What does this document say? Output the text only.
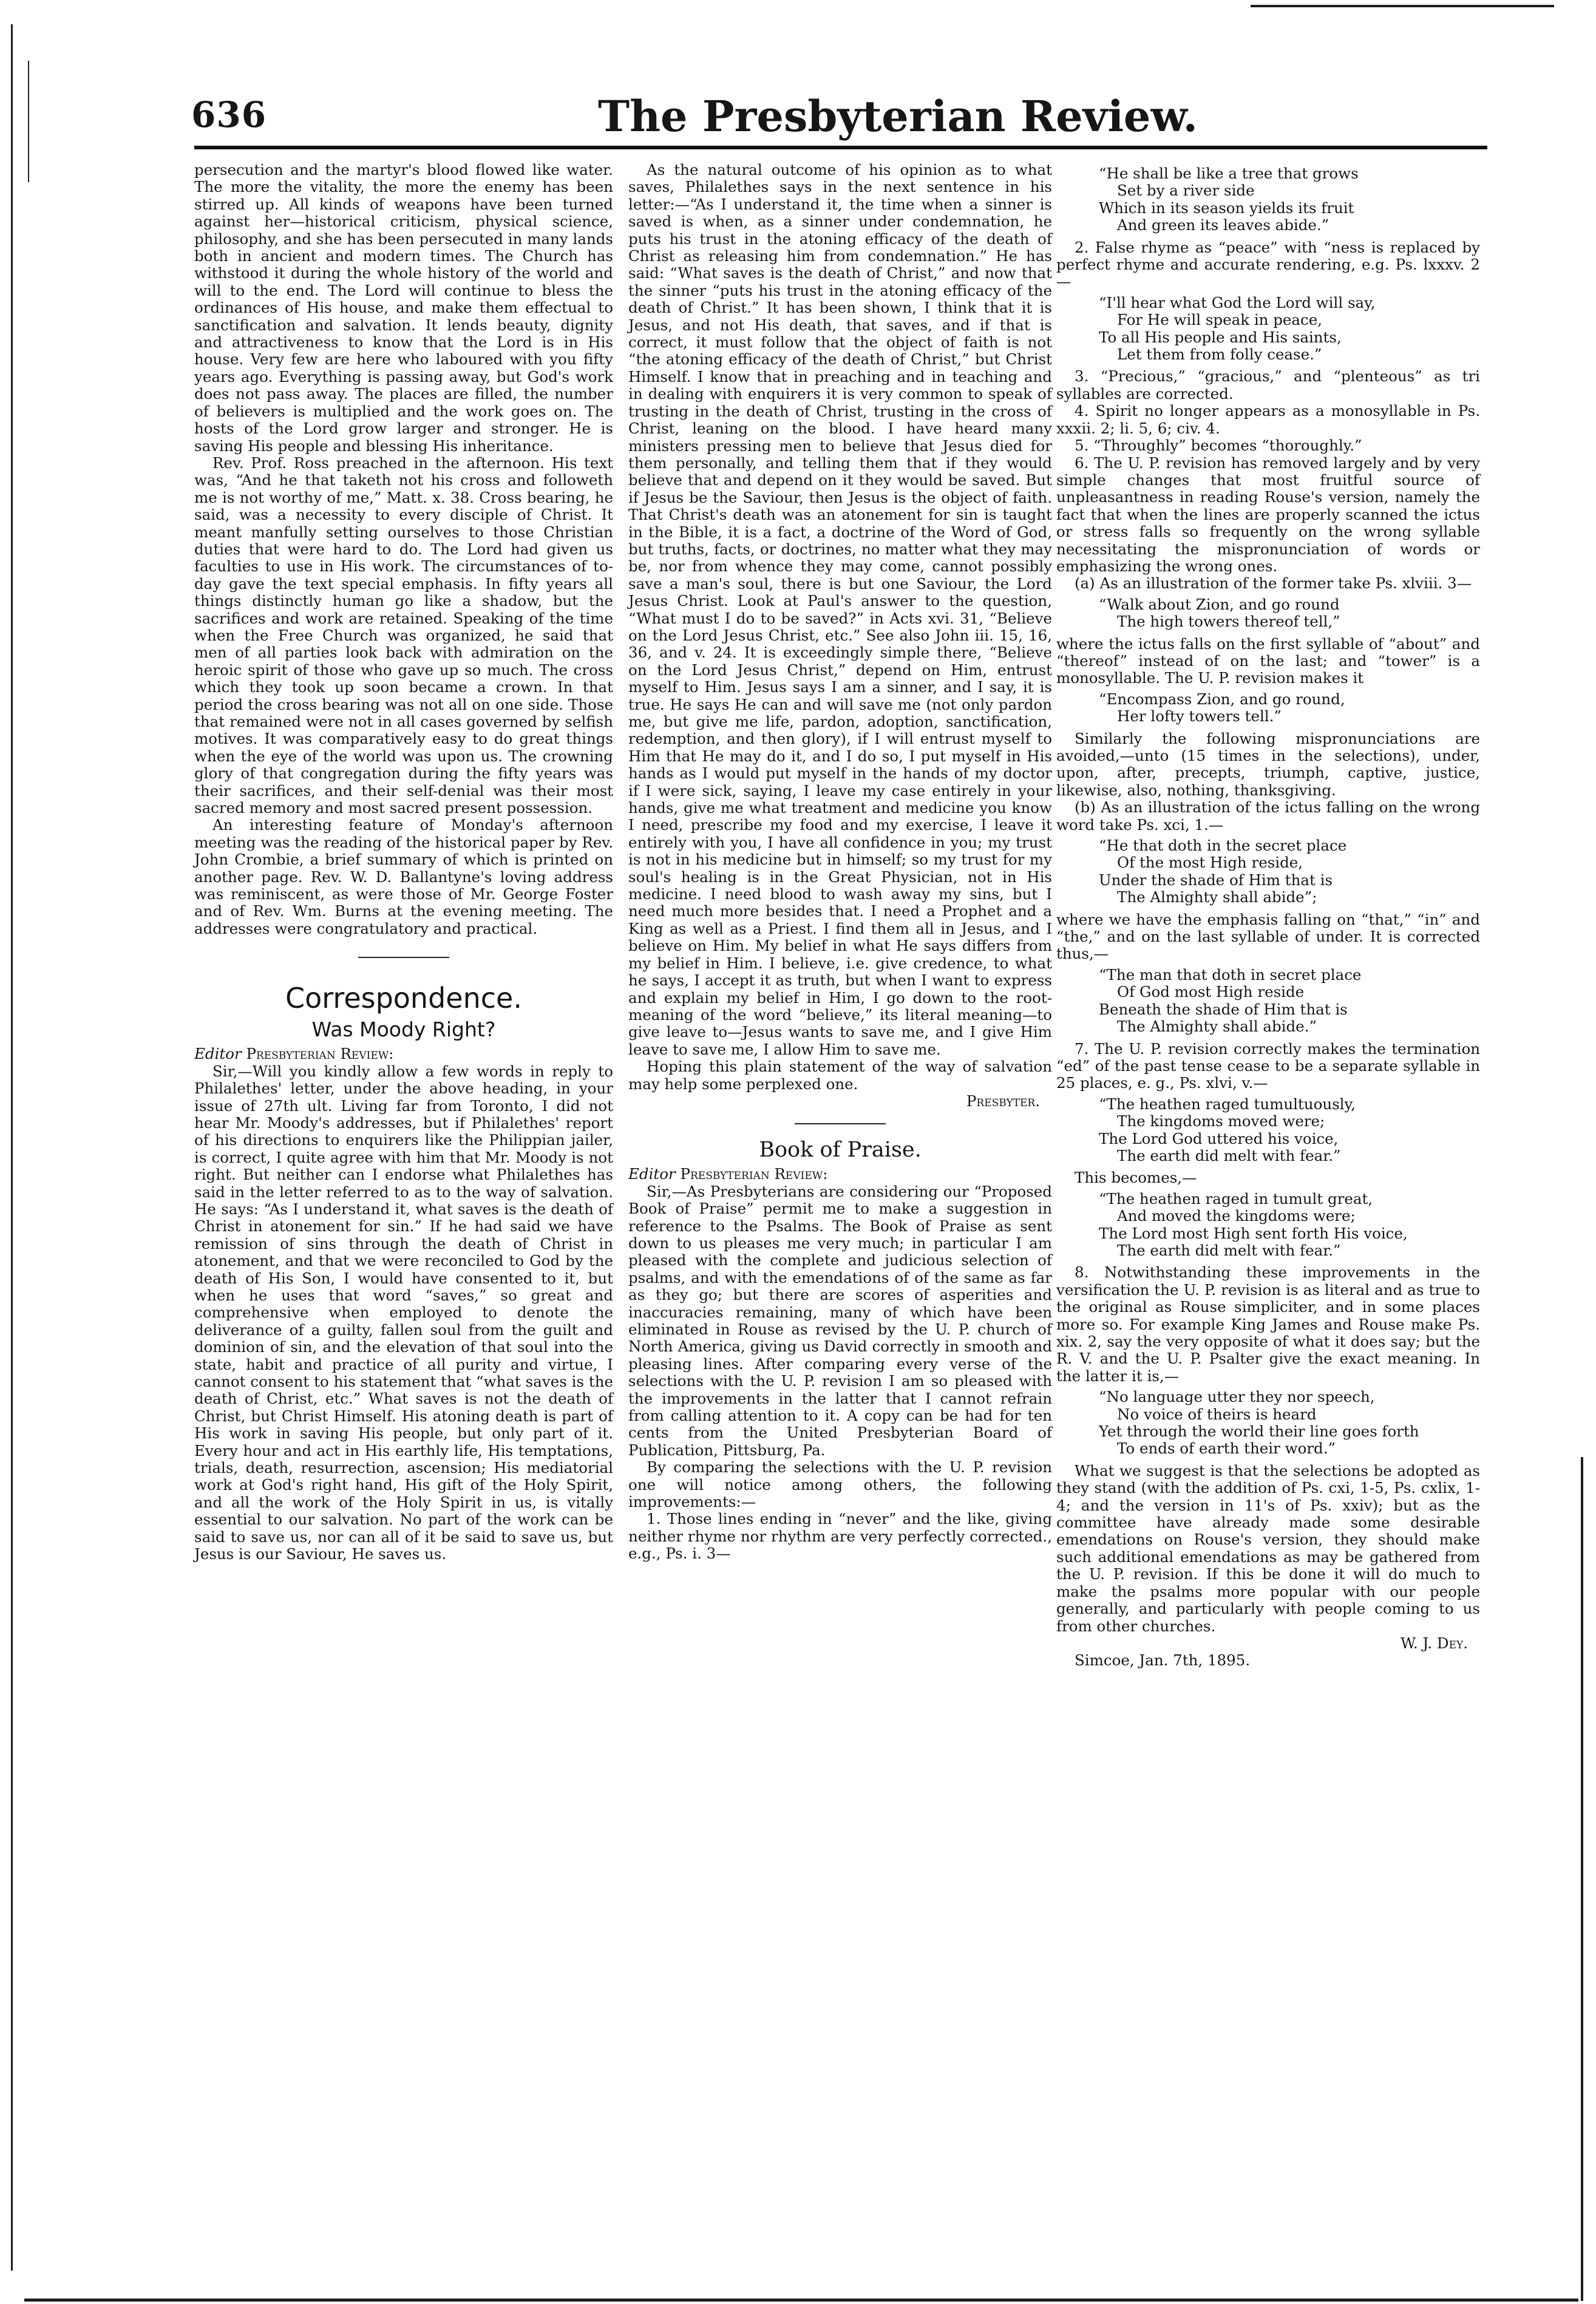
636	The Presbyterian Review.

persecution and the martyr's blood flowed like water. The more the vitality, the more the enemy has been stirred up. All kinds of weapons have been turned against her—historical criticism, physical science, philosophy, and she has been persecuted in many lands both in ancient and modern times. The Church has withstood it during the whole history of the world and will to the end. The Lord will continue to bless the ordinances of His house, and make them effectual to sanctification and salvation. It lends beauty, dignity and attractiveness to know that the Lord is in His house. Very few are here who laboured with you fifty years ago. Everything is passing away, but God's work does not pass away. The places are filled, the number of believers is multiplied and the work goes on. The hosts of the Lord grow larger and stronger. He is saving His people and blessing His inheritance.

Rev. Prof. Ross preached in the afternoon. His text was, “And he that taketh not his cross and followeth me is not worthy of me,” Matt. x. 38. Cross bearing, he said, was a necessity to every disciple of Christ. It meant manfully setting ourselves to those Christian duties that were hard to do. The Lord had given us faculties to use in His work. The circumstances of to-day gave the text special emphasis. In fifty years all things distinctly human go like a shadow, but the sacrifices and work are retained. Speaking of the time when the Free Church was organized, he said that men of all parties look back with admiration on the heroic spirit of those who gave up so much. The cross which they took up soon became a crown. In that period the cross bearing was not all on one side. Those that remained were not in all cases governed by selfish motives. It was comparatively easy to do great things when the eye of the world was upon us. The crowning glory of that congregation during the fifty years was their sacrifices, and their self-denial was their most sacred memory and most sacred present possession.

An interesting feature of Monday's afternoon meeting was the reading of the historical paper by Rev. John Crombie, a brief summary of which is printed on another page. Rev. W. D. Ballantyne's loving address was reminiscent, as were those of Mr. George Foster and of Rev. Wm. Burns at the evening meeting. The addresses were congratulatory and practical.

Correspondence.
Was Moody Right?
Editor Presbyterian Review:

Sir,—Will you kindly allow a few words in reply to Philalethes' letter, under the above heading, in your issue of 27th ult. Living far from Toronto, I did not hear Mr. Moody's addresses, but if Philalethes' report of his directions to enquirers like the Philippian jailer, is correct, I quite agree with him that Mr. Moody is not right. But neither can I endorse what Philalethes has said in the letter referred to as to the way of salvation. He says: “As I understand it, what saves is the death of Christ in atonement for sin.” If he had said we have remission of sins through the death of Christ in atonement, and that we were reconciled to God by the death of His Son, I would have consented to it, but when he uses that word “saves,” so great and comprehensive when employed to denote the deliverance of a guilty, fallen soul from the guilt and dominion of sin, and the elevation of that soul into the state, habit and practice of all purity and virtue, I cannot consent to his statement that “what saves is the death of Christ, etc.” What saves is not the death of Christ, but Christ Himself. His atoning death is part of His work in saving His people, but only part of it. Every hour and act in His earthly life, His temptations, trials, death, resurrection, ascension; His mediatorial work at God's right hand, His gift of the Holy Spirit, and all the work of the Holy Spirit in us, is vitally essential to our salvation. No part of the work can be said to save us, nor can all of it be said to save us, but Jesus is our Saviour, He saves us.

As the natural outcome of his opinion as to what saves, Philalethes says in the next sentence in his letter:—“As I understand it, the time when a sinner is saved is when, as a sinner under condemnation, he puts his trust in the atoning efficacy of the death of Christ as releasing him from condemnation.” He has said: “What saves is the death of Christ,” and now that the sinner “puts his trust in the atoning efficacy of the death of Christ.” It has been shown, I think that it is Jesus, and not His death, that saves, and if that is correct, it must follow that the object of faith is not “the atoning efficacy of the death of Christ,” but Christ Himself. I know that in preaching and in teaching and in dealing with enquirers it is very common to speak of trusting in the death of Christ, trusting in the cross of Christ, leaning on the blood. I have heard many ministers pressing men to believe that Jesus died for them personally, and telling them that if they would believe that and depend on it they would be saved. But if Jesus be the Saviour, then Jesus is the object of faith. That Christ's death was an atonement for sin is taught in the Bible, it is a fact, a doctrine of the Word of God, but truths, facts, or doctrines, no matter what they may be, nor from whence they may come, cannot possibly save a man's soul, there is but one Saviour, the Lord Jesus Christ. Look at Paul's answer to the question, “What must I do to be saved?” in Acts xvi. 31, “Believe on the Lord Jesus Christ, etc.” See also John iii. 15, 16, 36, and v. 24. It is exceedingly simple there, “Believe on the Lord Jesus Christ,” depend on Him, entrust myself to Him. Jesus says I am a sinner, and I say, it is true. He says He can and will save me (not only pardon me, but give me life, pardon, adoption, sanctification, redemption, and then glory), if I will entrust myself to Him that He may do it, and I do so, I put myself in His hands as I would put myself in the hands of my doctor if I were sick, saying, I leave my case entirely in your hands, give me what treatment and medicine you know I need, prescribe my food and my exercise, I leave it entirely with you, I have all confidence in you; my trust is not in his medicine but in himself; so my trust for my soul's healing is in the Great Physician, not in His medicine. I need blood to wash away my sins, but I need much more besides that. I need a Prophet and a King as well as a Priest. I find them all in Jesus, and I believe on Him. My belief in what He says differs from my belief in Him. I believe, i.e. give credence, to what he says, I accept it as truth, but when I want to express and explain my belief in Him, I go down to the root-meaning of the word “believe,” its literal meaning—to give leave to—Jesus wants to save me, and I give Him leave to save me, I allow Him to save me.

Hoping this plain statement of the way of salvation may help some perplexed one.

Presbyter.
Book of Praise.
Editor Presbyterian Review:

Sir,—As Presbyterians are considering our “Proposed Book of Praise” permit me to make a suggestion in reference to the Psalms. The Book of Praise as sent down to us pleases me very much; in particular I am pleased with the complete and judicious selection of psalms, and with the emendations of of the same as far as they go; but there are scores of asperities and inaccuracies remaining, many of which have been eliminated in Rouse as revised by the U. P. church of North America, giving us David correctly in smooth and pleasing lines. After comparing every verse of the selections with the U. P. revision I am so pleased with the improvements in the latter that I cannot refrain from calling attention to it. A copy can be had for ten cents from the United Presbyterian Board of Publication, Pittsburg, Pa.

By comparing the selections with the U. P. revision one will notice among others, the following improvements:—

1. Those lines ending in “never” and the like, giving neither rhyme nor rhythm are very perfectly corrected., e.g., Ps. i. 3—

“He shall be like a tree that grows
Set by a river side
Which in its season yields its fruit
And green its leaves abide.”

2. False rhyme as “peace” with “ness is replaced by perfect rhyme and accurate rendering, e.g. Ps. lxxxv. 2—

“I'll hear what God the Lord will say,
For He will speak in peace,
To all His people and His saints,
Let them from folly cease.”

3. “Precious,” “gracious,” and “plenteous” as tri syllables are corrected.

4. Spirit no longer appears as a monosyllable in Ps. xxxii. 2; li. 5, 6; civ. 4.

5. “Throughly” becomes “thoroughly.”

6. The U. P. revision has removed largely and by very simple changes that most fruitful source of unpleasantness in reading Rouse's version, namely the fact that when the lines are properly scanned the ictus or stress falls so frequently on the wrong syllable necessitating the mispronunciation of words or emphasizing the wrong ones.

(a) As an illustration of the former take Ps. xlviii. 3—

“Walk about Zion, and go round
The high towers thereof tell,”

where the ictus falls on the first syllable of “about” and “thereof” instead of on the last; and “tower” is a monosyllable. The U. P. revision makes it

“Encompass Zion, and go round,
Her lofty towers tell.”

Similarly the following mispronunciations are avoided,—unto (15 times in the selections), under, upon, after, precepts, triumph, captive, justice, likewise, also, nothing, thanksgiving.

(b) As an illustration of the ictus falling on the wrong word take Ps. xci, 1.—

“He that doth in the secret place
Of the most High reside,
Under the shade of Him that is
The Almighty shall abide”;

where we have the emphasis falling on “that,” “in” and “the,” and on the last syllable of under. It is corrected thus,—

“The man that doth in secret place
Of God most High reside
Beneath the shade of Him that is
The Almighty shall abide.”

7. The U. P. revision correctly makes the termination “ed” of the past tense cease to be a separate syllable in 25 places, e. g., Ps. xlvi, v.—

“The heathen raged tumultuously,
The kingdoms moved were;
The Lord God uttered his voice,
The earth did melt with fear.”

This becomes,—

“The heathen raged in tumult great,
And moved the kingdoms were;
The Lord most High sent forth His voice,
The earth did melt with fear.”

8. Notwithstanding these improvements in the versification the U. P. revision is as literal and as true to the original as Rouse simpliciter, and in some places more so. For example King James and Rouse make Ps. xix. 2, say the very opposite of what it does say; but the R. V. and the U. P. Psalter give the exact meaning. In the latter it is,—

“No language utter they nor speech,
No voice of theirs is heard
Yet through the world their line goes forth
To ends of earth their word.”

What we suggest is that the selections be adopted as they stand (with the addition of Ps. cxi, 1-5, Ps. cxlix, 1-4; and the version in 11's of Ps. xxiv); but as the committee have already made some desirable emendations on Rouse's version, they should make such additional emendations as may be gathered from the U. P. revision. If this be done it will do much to make the psalms more popular with our people generally, and particularly with people coming to us from other churches.

W. J. Dey.
Simcoe, Jan. 7th, 1895.
